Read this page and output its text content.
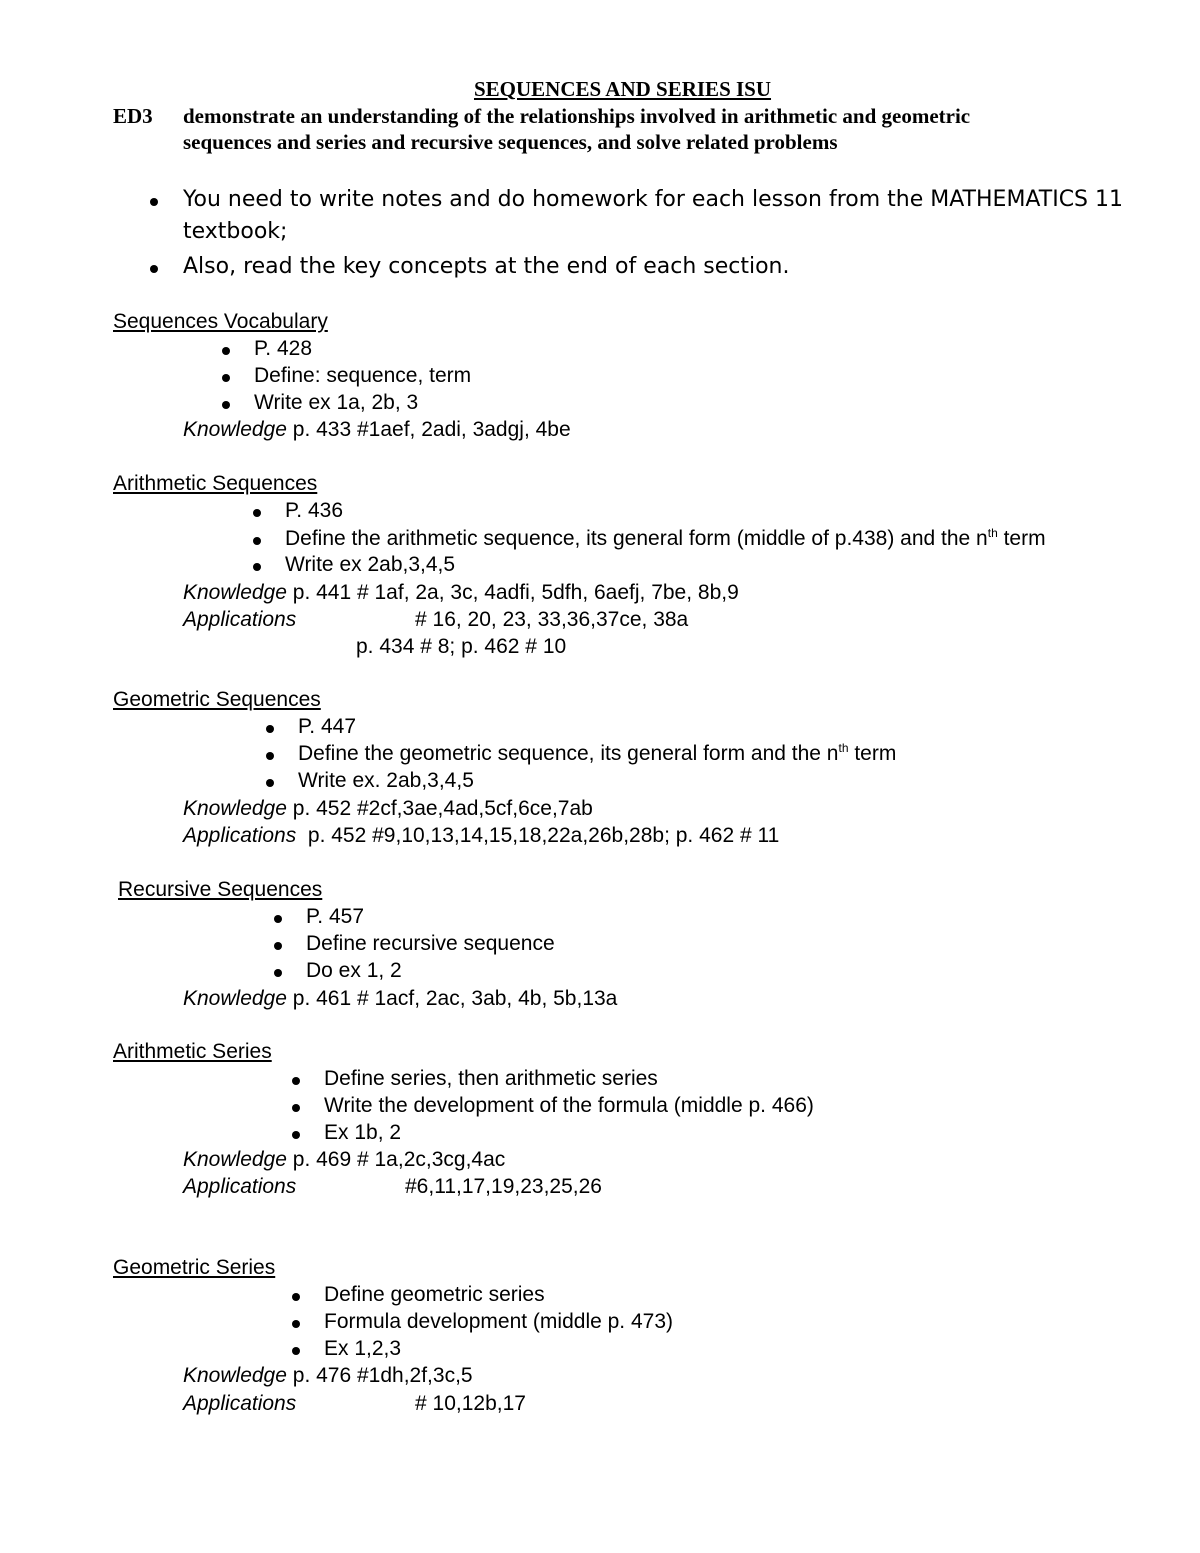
SEQUENCES AND SERIES ISU
ED3 demonstrate an understanding of the relationships involved in arithmetic and geometric
sequences and series and recursive sequences, and solve related problems
You need to write notes and do homework for each lesson from the MATHEMATICS 11
textbook;
Also, read the key concepts at the end of each section.
Sequences Vocabulary
P. 428
Define: sequence, term
Write ex 1a, 2b, 3
Knowledge p. 433 #1aef, 2adi, 3adgj, 4be
Arithmetic Sequences
P. 436
Define the arithmetic sequence, its general form (middle of p.438) and the $n^{th}$ term
Write ex 2ab,3,4,5
Knowledge p. 441 # 1af, 2a, 3c, 4adfi, 5dfh, 6aefj, 7be, 8b,9
Applications	# 16, 20, 23, 33,36,37ce, 38a
p. 434 # 8; p. 462 # 10
Geometric Sequences
P. 447
Define the geometric sequence, its general form and the $n^{th}$ term
Write ex. 2ab,3,4,5
Knowledge p. 452 #2cf,3ae,4ad,5cf,6ce,7ab
Applications p. 452 #9,10,13,14,15,18,22a,26b,28b; p. 462 # 11
Recursive Sequences
P. 457
Define recursive sequence
Do ex 1, 2
Knowledge p. 461 # 1acf, 2ac, 3ab, 4b, 5b,13a
Arithmetic Series
Define series, then arithmetic series
Write the development of the formula (middle p. 466)
Ex 1b, 2
Knowledge p. 469 # 1a,2c,3cg,4ac
Applications	#6,11,17,19,23,25,26
Geometric Series
Define geometric series
Formula development (middle p. 473)
Ex 1,2,3
Knowledge p. 476 #1dh,2f,3c,5
Applications	# 10,12b,17
